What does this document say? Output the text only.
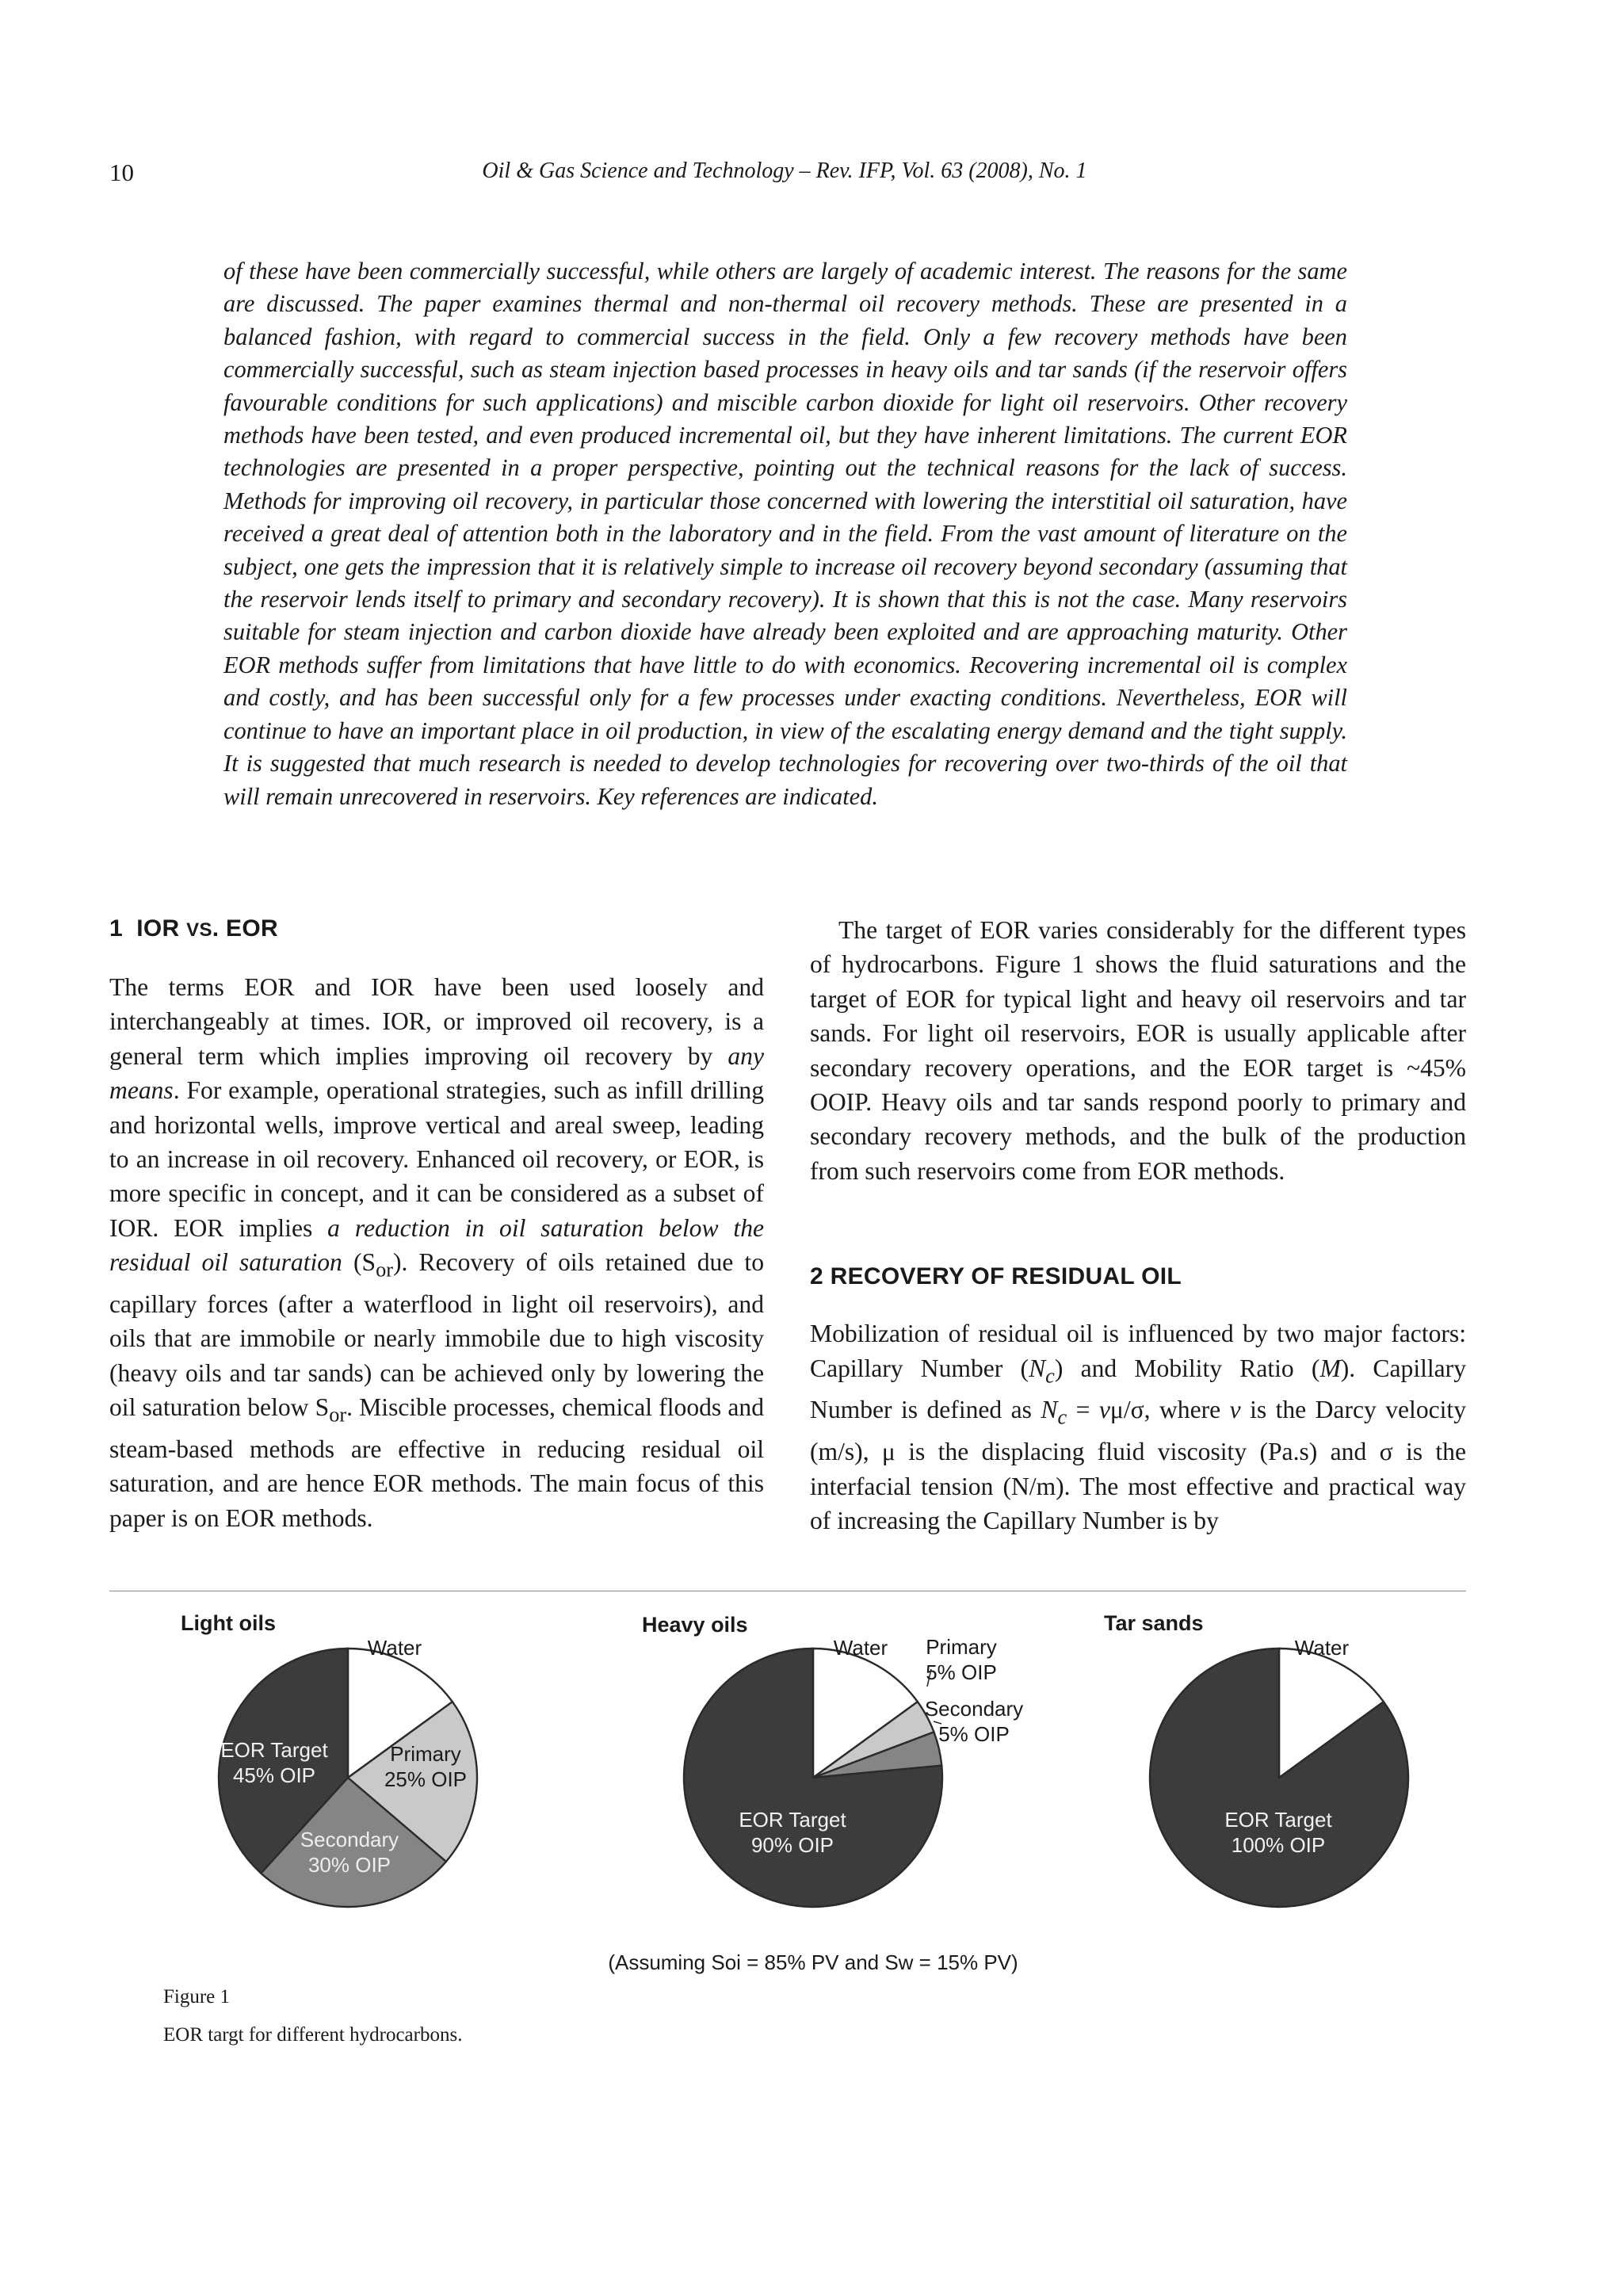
10	Oil & Gas Science and Technology – Rev. IFP, Vol. 63 (2008), No. 1

of these have been commercially successful, while others are largely of academic interest. The reasons for the same are discussed. The paper examines thermal and non-thermal oil recovery methods. These are presented in a balanced fashion, with regard to commercial success in the field. Only a few recovery methods have been commercially successful, such as steam injection based processes in heavy oils and tar sands (if the reservoir offers favourable conditions for such applications) and miscible carbon dioxide for light oil reservoirs. Other recovery methods have been tested, and even produced incremental oil, but they have inherent limitations. The current EOR technologies are presented in a proper perspective, pointing out the technical reasons for the lack of success. Methods for improving oil recovery, in particular those concerned with lowering the interstitial oil saturation, have received a great deal of attention both in the laboratory and in the field. From the vast amount of literature on the subject, one gets the impression that it is relatively simple to increase oil recovery beyond secondary (assuming that the reservoir lends itself to primary and secondary recovery). It is shown that this is not the case. Many reservoirs suitable for steam injection and carbon dioxide have already been exploited and are approaching maturity. Other EOR methods suffer from limitations that have little to do with economics. Recovering incremental oil is complex and costly, and has been successful only for a few processes under exacting conditions. Nevertheless, EOR will continue to have an important place in oil production, in view of the escalating energy demand and the tight supply. It is suggested that much research is needed to develop technologies for recovering over two-thirds of the oil that will remain unrecovered in reservoirs. Key references are indicated.

1 IOR VS. EOR

The terms EOR and IOR have been used loosely and interchangeably at times. IOR, or improved oil recovery, is a general term which implies improving oil recovery by any means. For example, operational strategies, such as infill drilling and horizontal wells, improve vertical and areal sweep, leading to an increase in oil recovery. Enhanced oil recovery, or EOR, is more specific in concept, and it can be considered as a subset of IOR. EOR implies a reduction in oil saturation below the residual oil saturation $(S_{or})$. Recovery of oils retained due to capillary forces (after a waterflood in light oil reservoirs), and oils that are immobile or nearly immobile due to high viscosity (heavy oils and tar sands) can be achieved only by lowering the oil saturation below $S_{or}$. Miscible processes, chemical floods and steam-based methods are effective in reducing residual oil saturation, and are hence EOR methods. The main focus of this paper is on EOR methods.

The target of EOR varies considerably for the different types of hydrocarbons. Figure 1 shows the fluid saturations and the target of EOR for typical light and heavy oil reservoirs and tar sands. For light oil reservoirs, EOR is usually applicable after secondary recovery operations, and the EOR target is ~45% OOIP. Heavy oils and tar sands respond poorly to primary and secondary recovery methods, and the bulk of the production from such reservoirs come from EOR methods.

2 RECOVERY OF RESIDUAL OIL

Mobilization of residual oil is influenced by two major factors: Capillary Number $(N_c)$ and Mobility Ratio (M). Capillary Number is defined as $N_c = v\mu/\sigma$, where v is the Darcy velocity (m/s), μ is the displacing fluid viscosity (Pa.s) and σ is the interfacial tension (N/m). The most effective and practical way of increasing the Capillary Number is by

Light oils
Water
Primary 25% OIP
Secondary 30% OIP
EOR Target 45% OIP
Heavy oils
Water Primary 5% OIP
Secondary 5% OIP
EOR Target 90% OIP
Tar sands
Water
EOR Target 100% OIP
(Assuming Soi = 85% PV and Sw = 15% PV)
Figure 1
EOR targt for different hydrocarbons.
